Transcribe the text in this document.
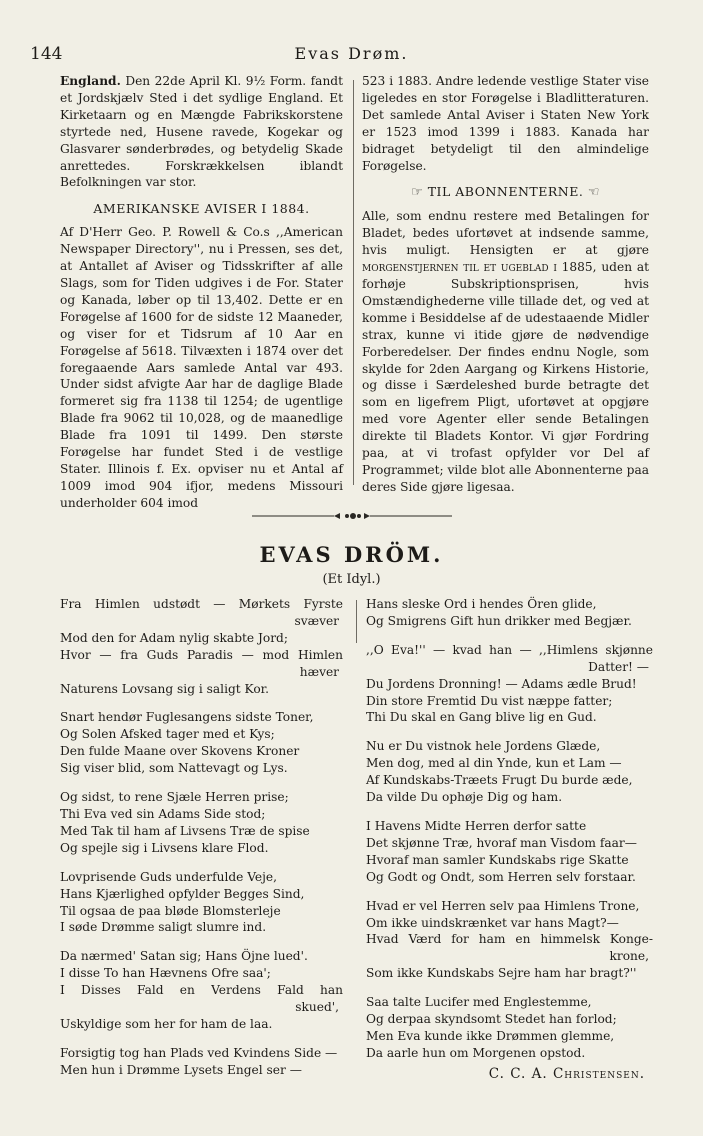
144	Evas Drøm.

England. Den 22de April Kl. 9½ Form. fandt et Jordskjælv Sted i det sydlige England. Et Kirketaarn og en Mængde Fabrikskorstene styrtede ned, Husene ravede, Kogekar og Glasvarer sønderbrødes, og betydelig Skade anrettedes. Forskrækkelsen iblandt Befolkningen var stor.

AMERIKANSKE AVISER I 1884.

Af D'Herr Geo. P. Rowell & Co.s ,,American Newspaper Directory'', nu i Pressen, ses det, at Antallet af Aviser og Tidsskrifter af alle Slags, som for Tiden udgives i de For. Stater og Kanada, løber op til 13,402. Dette er en Forøgelse af 1600 for de sidste 12 Maaneder, og viser for et Tidsrum af 10 Aar en Forøgelse af 5618. Tilvæxten i 1874 over det foregaaende Aars samlede Antal var 493. Under sidst afvigte Aar har de daglige Blade formeret sig fra 1138 til 1254; de ugentlige Blade fra 9062 til 10,028, og de maanedlige Blade fra 1091 til 1499. Den største Forøgelse har fundet Sted i de vestlige Stater. Illinois f. Ex. opviser nu et Antal af 1009 imod 904 ifjor, medens Missouri underholder 604 imod

523 i 1883. Andre ledende vestlige Stater vise ligeledes en stor Forøgelse i Bladlitteraturen. Det samlede Antal Aviser i Staten New York er 1523 imod 1399 i 1883. Kanada har bidraget betydeligt til den almindelige Forøgelse.

☞ TIL ABONNENTERNE. ☜

Alle, som endnu restere med Betalingen for Bladet, bedes ufortøvet at indsende samme, hvis muligt. Hensigten er at gjøre morgenstjernen til et ugeblad i 1885, uden at forhøje Subskriptionsprisen, hvis Omstændighederne ville tillade det, og ved at komme i Besiddelse af de udestaaende Midler strax, kunne vi itide gjøre de nødvendige Forberedelser. Der findes endnu Nogle, som skylde for 2den Aargang og Kirkens Historie, og disse i Særdeleshed burde betragte det som en ligefrem Pligt, ufortøvet at opgjøre med vore Agenter eller sende Betalingen direkte til Bladets Kontor. Vi gjør Fordring paa, at vi trofast opfylder vor Del af Programmet; vilde blot alle Abonnenterne paa deres Side gjøre ligesaa.

EVAS DRÖM.
(Et Idyl.)
Fra Himlen udstødt — Mørkets Fyrste
svæver
Mod den for Adam nylig skabte Jord;
Hvor — fra Guds Paradis — mod Himlen
hæver
Naturens Lovsang sig i saligt Kor.
Snart hendør Fuglesangens sidste Toner,
Og Solen Afsked tager med et Kys;
Den fulde Maane over Skovens Kroner
Sig viser blid, som Nattevagt og Lys.
Og sidst, to rene Sjæle Herren prise;
Thi Eva ved sin Adams Side stod;
Med Tak til ham af Livsens Træ de spise
Og spejle sig i Livsens klare Flod.
Lovprisende Guds underfulde Veje,
Hans Kjærlighed opfylder Begges Sind,
Til ogsaa de paa bløde Blomsterleje
I søde Drømme saligt slumre ind.
Da nærmed' Satan sig; Hans Öjne lued'.
I disse To han Hævnens Ofre saa';
I Disses Fald en Verdens Fald han
skued',
Uskyldige som her for ham de laa.
Forsigtig tog han Plads ved Kvindens Side —
Men hun i Drømme Lysets Engel ser —
Hans sleske Ord i hendes Ören glide,
Og Smigrens Gift hun drikker med Begjær.
,,O Eva!'' — kvad han — ,,Himlens skjønne
Datter! —
Du Jordens Dronning! — Adams ædle Brud!
Din store Fremtid Du vist næppe fatter;
Thi Du skal en Gang blive lig en Gud.
Nu er Du vistnok hele Jordens Glæde,
Men dog, med al din Ynde, kun et Lam —
Af Kundskabs-Træets Frugt Du burde æde,
Da vilde Du ophøje Dig og ham.
I Havens Midte Herren derfor satte
Det skjønne Træ, hvoraf man Visdom faar—
Hvoraf man samler Kundskabs rige Skatte
Og Godt og Ondt, som Herren selv forstaar.
Hvad er vel Herren selv paa Himlens Trone,
Om ikke uindskrænket var hans Magt?—
Hvad Værd for ham en himmelsk Konge-
krone,
Som ikke Kundskabs Sejre ham har bragt?''
Saa talte Lucifer med Englestemme,
Og derpaa skyndsomt Stedet han forlod;
Men Eva kunde ikke Drømmen glemme,
Da aarle hun om Morgenen opstod.
C. C. A. Christensen.
